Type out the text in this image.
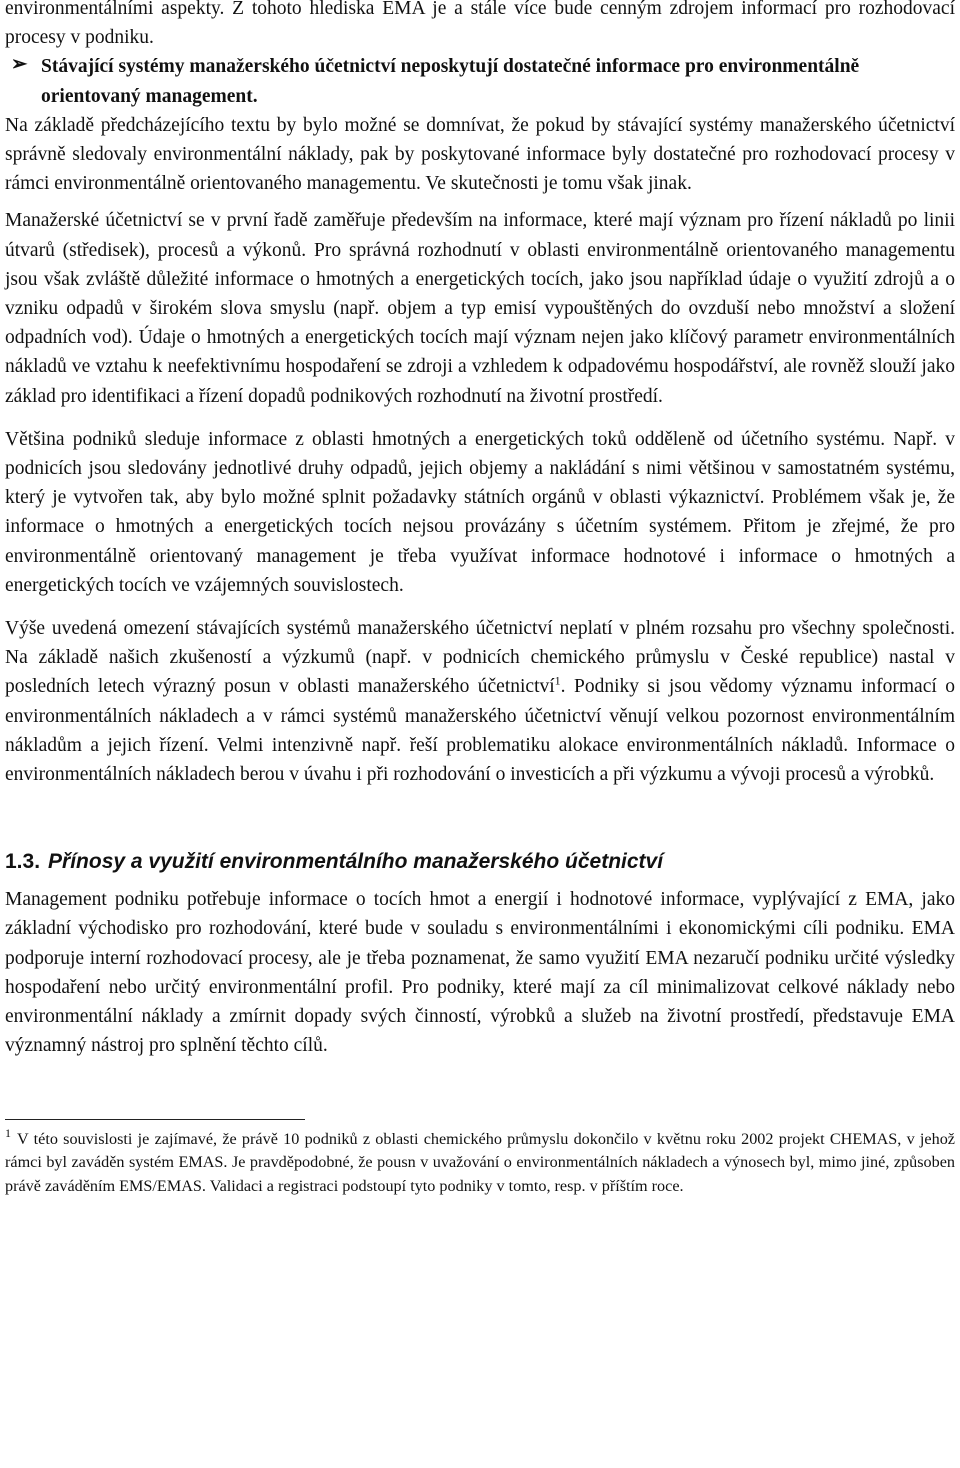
environmentálními aspekty. Z tohoto hlediska EMA je a stále více bude cenným zdrojem informací pro rozhodovací procesy v podniku.

➢ Stávající systémy manažerského účetnictví neposkytují dostatečné informace pro environmentálně orientovaný management.

Na základě předcházejícího textu by bylo možné se domnívat, že pokud by stávající systémy manažerského účetnictví správně sledovaly environmentální náklady, pak by poskytované informace byly dostatečné pro rozhodovací procesy v rámci environmentálně orientovaného managementu. Ve skutečnosti je tomu však jinak.

Manažerské účetnictví se v první řadě zaměřuje především na informace, které mají význam pro řízení nákladů po linii útvarů (středisek), procesů a výkonů. Pro správná rozhodnutí v oblasti environmentálně orientovaného managementu jsou však zvláště důležité informace o hmotných a energetických tocích, jako jsou například údaje o využití zdrojů a o vzniku odpadů v širokém slova smyslu (např. objem a typ emisí vypouštěných do ovzduší nebo množství a složení odpadních vod). Údaje o hmotných a energetických tocích mají význam nejen jako klíčový parametr environmentálních nákladů ve vztahu k neefektivnímu hospodaření se zdroji a vzhledem k odpadovému hospodářství, ale rovněž slouží jako základ pro identifikaci a řízení dopadů podnikových rozhodnutí na životní prostředí.

Většina podniků sleduje informace z oblasti hmotných a energetických toků odděleně od účetního systému. Např. v podnicích jsou sledovány jednotlivé druhy odpadů, jejich objemy a nakládání s nimi většinou v samostatném systému, který je vytvořen tak, aby bylo možné splnit požadavky státních orgánů v oblasti výkaznictví. Problémem však je, že informace o hmotných a energetických tocích nejsou provázány s účetním systémem. Přitom je zřejmé, že pro environmentálně orientovaný management je třeba využívat informace hodnotové i informace o hmotných a energetických tocích ve vzájemných souvislostech.

Výše uvedená omezení stávajících systémů manažerského účetnictví neplatí v plném rozsahu pro všechny společnosti. Na základě našich zkušeností a výzkumů (např. v podnicích chemického průmyslu v České republice) nastal v posledních letech výrazný posun v oblasti manažerského účetnictví$^1$. Podniky si jsou vědomy významu informací o environmentálních nákladech a v rámci systémů manažerského účetnictví věnují velkou pozornost environmentálním nákladům a jejich řízení. Velmi intenzivně např. řeší problematiku alokace environmentálních nákladů. Informace o environmentálních nákladech berou v úvahu i při rozhodování o investicích a při výzkumu a vývoji procesů a výrobků.

1.3. Přínosy a využití environmentálního manažerského účetnictví

Management podniku potřebuje informace o tocích hmot a energií i hodnotové informace, vyplývající z EMA, jako základní východisko pro rozhodování, které bude v souladu s environmentálními i ekonomickými cíli podniku. EMA podporuje interní rozhodovací procesy, ale je třeba poznamenat, že samo využití EMA nezaručí podniku určité výsledky hospodaření nebo určitý environmentální profil. Pro podniky, které mají za cíl minimalizovat celkové náklady nebo environmentální náklady a zmírnit dopady svých činností, výrobků a služeb na životní prostředí, představuje EMA významný nástroj pro splnění těchto cílů.

$^1$ V této souvislosti je zajímavé, že právě 10 podniků z oblasti chemického průmyslu dokončilo v květnu roku 2002 projekt CHEMAS, v jehož rámci byl zaváděn systém EMAS. Je pravděpodobné, že pousn v uvažování o environmentálních nákladech a výnosech byl, mimo jiné, způsoben právě zaváděním EMS/EMAS. Validaci a registraci podstoupí tyto podniky v tomto, resp. v příštím roce.
